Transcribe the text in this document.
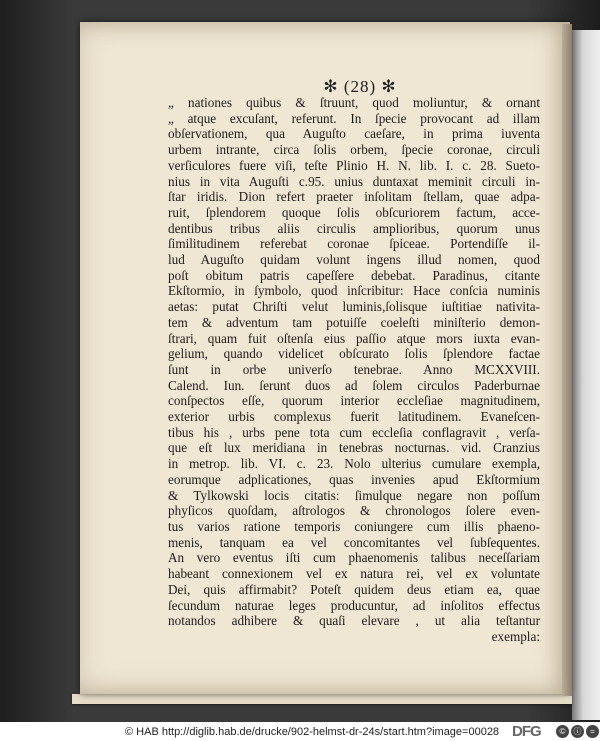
✻ (28) ✻
„ nationes quibus & ſtruunt, quod moliuntur, & ornant
„ atque excuſant, referunt. In ſpecie provocant ad illam
obſervationem, qua Auguſto caeſare, in prima iuventa
urbem intrante, circa ſolis orbem, ſpecie coronae, circuli
verſiculores fuere viſi, teſte Plinio H. N. lib. I. c. 28. Sueto-
nius in vita Auguſti c.95. unius duntaxat meminit circuli in-
ſtar iridis. Dion refert praeter inſolitam ſtellam, quae adpa-
ruit, ſplendorem quoque ſolis obſcuriorem factum, acce-
dentibus tribus aliis circulis amplioribus, quorum unus
ſimilitudinem referebat coronae ſpiceae. Portendiſſe il-
lud Auguſto quidam volunt ingens illud nomen, quod
poſt obitum patris capeſſere debebat. Paradinus, citante
Ekſtormio, in ſymbolo, quod inſcribitur: Hace conſcia numinis
aetas: putat Chriſti velut luminis,ſolisque iuſtitiae nativita-
tem & adventum tam potuiſſe coeleſti miniſterio demon-
ſtrari, quam fuit oſtenſa eius paſſio atque mors iuxta evan-
gelium, quando videlicet obſcurato ſolis ſplendore factae
ſunt in orbe univerſo tenebrae. Anno MCXXVIII.
Calend. Iun. ſerunt duos ad ſolem circulos Paderburnae
conſpectos eſſe, quorum interior eccleſiae magnitudinem,
exterior urbis complexus fuerit latitudinem. Evaneſcen-
tibus his , urbs pene tota cum eccleſia conflagravit , verſa-
que eſt lux meridiana in tenebras nocturnas. vid. Cranzius
in metrop. lib. VI. c. 23. Nolo ulterius cumulare exempla,
eorumque adplicationes, quas invenies apud Ekſtormium
& Tylkowski locis citatis: ſimulque negare non poſſum
phyſicos quoſdam, aſtrologos & chronologos ſolere even-
tus varios ratione temporis coniungere cum illis phaeno-
menis, tanquam ea vel concomitantes vel ſubſequentes.
An vero eventus iſti cum phaenomenis talibus neceſſariam
habeant connexionem vel ex natura rei, vel ex voluntate
Dei, quis affirmabit? Poteſt quidem deus etiam ea, quae
ſecundum naturae leges producuntur, ad inſolitos effectus
notandos adhibere & quaſi elevare , ut alia teſtantur
exempla:
© HAB http://diglib.hab.de/drucke/902-helmst-dr-24s/start.htm?image=00028 DFG	©	ⓘ	=
